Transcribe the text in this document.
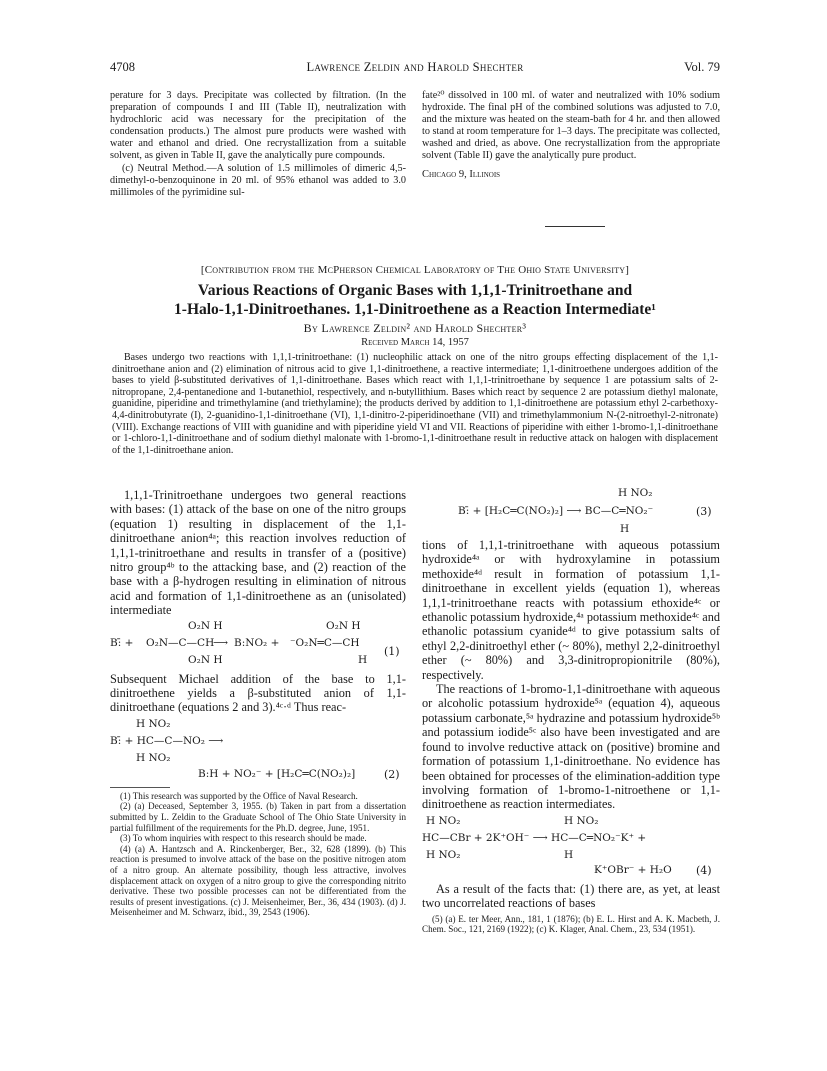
4708	Lawrence Zeldin and Harold Shechter	Vol. 79

perature for 3 days. Precipitate was collected by filtration. (In the preparation of compounds I and III (Table II), neutralization with hydrochloric acid was necessary for the precipitation of the condensation products.) The almost pure products were washed with water and ethanol and dried. One recrystallization from a suitable solvent, as given in Table II, gave the analytically pure compounds.

(c) Neutral Method.—A solution of 1.5 millimoles of dimeric 4,5-dimethyl-o-benzoquinone in 20 ml. of 95% ethanol was added to 3.0 millimoles of the pyrimidine sul-

fate²⁰ dissolved in 100 ml. of water and neutralized with 10% sodium hydroxide. The final pH of the combined solutions was adjusted to 7.0, and the mixture was heated on the steam-bath for 4 hr. and then allowed to stand at room temperature for 1–3 days. The precipitate was collected, washed and dried, as above. One recrystallization from the appropriate solvent (Table II) gave the analytically pure product.

Chicago 9, Illinois

[Contribution from the McPherson Chemical Laboratory of The Ohio State University]
Various Reactions of Organic Bases with 1,1,1-Trinitroethane and
1-Halo-1,1-Dinitroethanes. 1,1-Dinitroethene as a Reaction Intermediate¹
By Lawrence Zeldin² and Harold Shechter³
Received March 14, 1957
Bases undergo two reactions with 1,1,1-trinitroethane: (1) nucleophilic attack on one of the nitro groups effecting displacement of the 1,1-dinitroethane anion and (2) elimination of nitrous acid to give 1,1-dinitroethene, a reactive intermediate; 1,1-dinitroethene undergoes addition of the bases to yield β-substituted derivatives of 1,1-dinitroethane. Bases which react with 1,1,1-trinitroethane by sequence 1 are potassium salts of 2-nitropropane, 2,4-pentanedione and 1-butanethiol, respectively, and n-butyllithium. Bases which react by sequence 2 are potassium diethyl malonate, guanidine, piperidine and trimethylamine (and triethylamine); the products derived by addition to 1,1-dinitroethene are potassium ethyl 2-carbethoxy-4,4-dinitrobutyrate (I), 2-guanidino-1,1-dinitroethane (VI), 1,1-dinitro-2-piperidinoethane (VII) and trimethylammonium N-(2-nitroethyl-2-nitronate) (VIII). Exchange reactions of VIII with guanidine and with piperidine yield VI and VII. Reactions of piperidine with either 1-bromo-1,1-dinitroethane or 1-chloro-1,1-dinitroethane and of sodium diethyl malonate with 1-bromo-1,1-dinitroethane result in reductive attack on halogen with displacement of the 1,1-dinitroethane anion.

1,1,1-Trinitroethane undergoes two general reactions with bases: (1) attack of the base on one of the nitro groups (equation 1) resulting in displacement of the 1,1-dinitroethane anion⁴ᵃ; this reaction involves reduction of 1,1,1-trinitroethane and results in transfer of a (positive) nitro group⁴ᵇ to the attacking base, and (2) reaction of the base with a β-hydrogen resulting in elimination of nitrous acid and formation of 1,1-dinitroethene as an (unisolated) intermediate

O₂N H
B:̄ + O₂N—C—CH
⟶ B:NO₂ +
O₂N H
O₂N H
⁻O₂N═C—CH
H
(1)

Subsequent Michael addition of the base to 1,1-dinitroethene yields a β-substituted anion of 1,1-dinitroethane (equations 2 and 3).⁴ᶜ·ᵈ Thus reac-

H NO₂
B:̄ + HC—C—NO₂ ⟶
H NO₂
B:H + NO₂⁻ + [H₂C═C(NO₂)₂]	(2)

(1) This research was supported by the Office of Naval Research.

(2) (a) Deceased, September 3, 1955. (b) Taken in part from a dissertation submitted by L. Zeldin to the Graduate School of The Ohio State University in partial fulfillment of the requirements for the Ph.D. degree, June, 1951.

(3) To whom inquiries with respect to this research should be made.

(4) (a) A. Hantzsch and A. Rinckenberger, Ber., 32, 628 (1899). (b) This reaction is presumed to involve attack of the base on the positive nitrogen atom of a nitro group. An alternate possibility, though less attractive, involves displacement attack on oxygen of a nitro group to give the corresponding nitrito derivative. These two possible processes can not be differentiated from the results of present investigations. (c) J. Meisenheimer, Ber., 36, 434 (1903). (d) J. Meisenheimer and M. Schwarz, ibid., 39, 2543 (1906).

H NO₂
B:̄ + [H₂C═C(NO₂)₂] ⟶ BC—C═NO₂⁻
H
(3)

tions of 1,1,1-trinitroethane with aqueous potassium hydroxide⁴ᵃ or with hydroxylamine in potassium methoxide⁴ᵈ result in formation of potassium 1,1-dinitroethane in excellent yields (equation 1), whereas 1,1,1-trinitroethane reacts with potassium ethoxide⁴ᶜ or ethanolic potassium hydroxide,⁴ᵃ potassium methoxide⁴ᶜ and ethanolic potassium cyanide⁴ᵈ to give potassium salts of ethyl 2,2-dinitroethyl ether (~ 80%), methyl 2,2-dinitroethyl ether (~ 80%) and 3,3-dinitropropionitrile (80%), respectively.

The reactions of 1-bromo-1,1-dinitroethane with aqueous or alcoholic potassium hydroxide⁵ᵃ (equation 4), aqueous potassium carbonate,⁵ᵃ hydrazine and potassium hydroxide⁵ᵇ and potassium iodide⁵ᶜ also have been investigated and are found to involve reductive attack on (positive) bromine and formation of potassium 1,1-dinitroethane. No evidence has been obtained for processes of the elimination-addition type involving formation of 1-bromo-1-nitroethene or 1,1-dinitroethene as reaction intermediates.

H NO₂	H NO₂
HC—CBr + 2K⁺OH⁻ ⟶ HC—C═NO₂⁻K⁺ +
H NO₂	H
K⁺OBr⁻ + H₂O (4)

As a result of the facts that: (1) there are, as yet, at least two uncorrelated reactions of bases

(5) (a) E. ter Meer, Ann., 181, 1 (1876); (b) E. L. Hirst and A. K. Macbeth, J. Chem. Soc., 121, 2169 (1922); (c) K. Klager, Anal. Chem., 23, 534 (1951).
